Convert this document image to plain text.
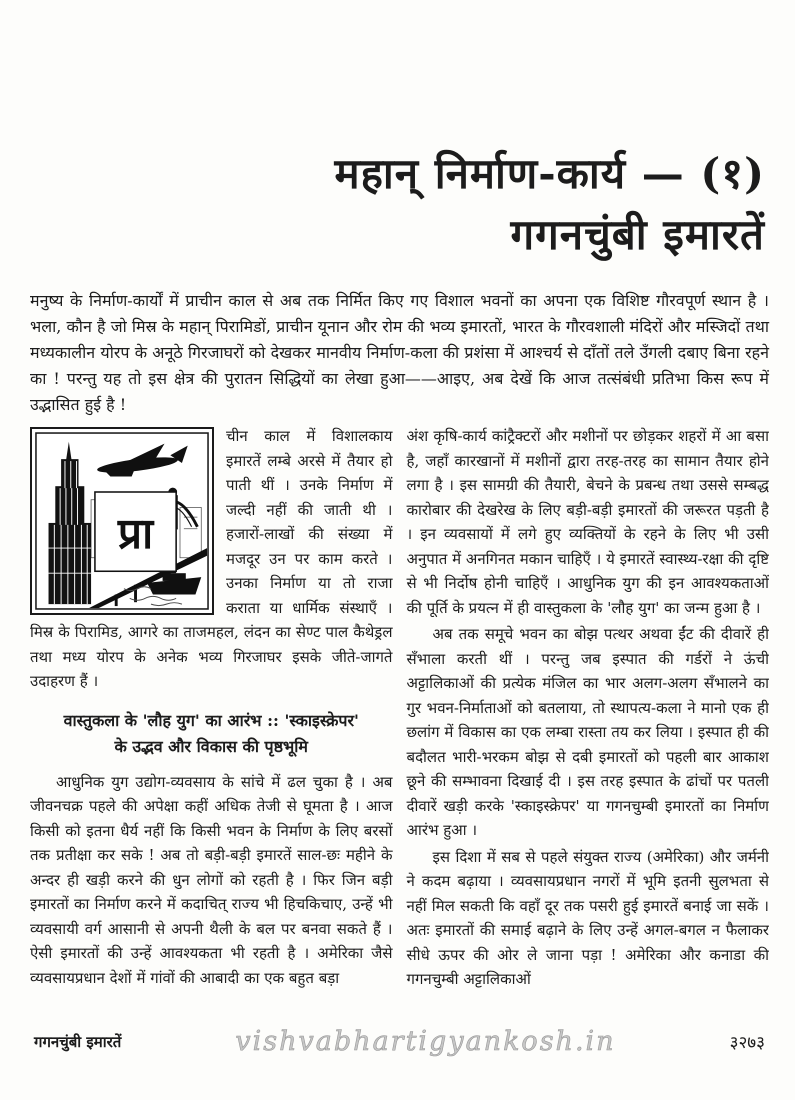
महान् निर्माण-कार्य — (१)
गगनचुंबी इमारतें

मनुष्य के निर्माण-कार्यों में प्राचीन काल से अब तक निर्मित किए गए विशाल भवनों का अपना एक विशिष्ट गौरवपूर्ण स्थान है । भला, कौन है जो मिस्र के महान् पिरामिडों, प्राचीन यूनान और रोम की भव्य इमारतों, भारत के गौरवशाली मंदिरों और मस्जिदों तथा मध्यकालीन योरप के अनूठे गिरजाघरों को देखकर मानवीय निर्माण-कला की प्रशंसा में आश्चर्य से दाँतों तले उँगली दबाए बिना रहने का ! परन्तु यह तो इस क्षेत्र की पुरातन सिद्धियों का लेखा हुआ——आइए, अब देखें कि आज तत्संबंधी प्रतिभा किस रूप में उद्भासित हुई है !

प्रा

चीन काल में विशालकाय इमारतें लम्बे अरसे में तैयार हो पाती थीं । उनके निर्माण में जल्दी नहीं की जाती थी । हजारों-लाखों की संख्या में मजदूर उन पर काम करते । उनका निर्माण या तो राजा कराता या धार्मिक संस्थाएँ । मिस्र के पिरामिड, आगरे का ताजमहल, लंदन का सेण्ट पाल कैथेड्रल तथा मध्य योरप के अनेक भव्य गिरजाघर इसके जीते-जागते उदाहरण हैं ।

वास्तुकला के 'लौह युग' का आरंभ :: 'स्काइस्क्रेपर'
के उद्भव और विकास की पृष्ठभूमि

आधुनिक युग उद्योग-व्यवसाय के सांचे में ढल चुका है । अब जीवनचक्र पहले की अपेक्षा कहीं अधिक तेजी से घूमता है । आज किसी को इतना धैर्य नहीं कि किसी भवन के निर्माण के लिए बरसों तक प्रतीक्षा कर सके ! अब तो बड़ी-बड़ी इमारतें साल-छः महीने के अन्दर ही खड़ी करने की धुन लोगों को रहती है । फिर जिन बड़ी इमारतों का निर्माण करने में कदाचित् राज्य भी हिचकिचाए, उन्हें भी व्यवसायी वर्ग आसानी से अपनी थैली के बल पर बनवा सकते हैं । ऐसी इमारतों की उन्हें आवश्यकता भी रहती है । अमेरिका जैसे व्यवसायप्रधान देशों में गांवों की आबादी का एक बहुत बड़ा

अंश कृषि-कार्य कांट्रैक्टरों और मशीनों पर छोड़कर शहरों में आ बसा है, जहाँ कारखानों में मशीनों द्वारा तरह-तरह का सामान तैयार होने लगा है । इस सामग्री की तैयारी, बेचने के प्रबन्ध तथा उससे सम्बद्ध कारोबार की देखरेख के लिए बड़ी-बड़ी इमारतों की जरूरत पड़ती है । इन व्यवसायों में लगे हुए व्यक्तियों के रहने के लिए भी उसी अनुपात में अनगिनत मकान चाहिएँ । ये इमारतें स्वास्थ्य-रक्षा की दृष्टि से भी निर्दोष होनी चाहिएँ । आधुनिक युग की इन आवश्यकताओं की पूर्ति के प्रयत्न में ही वास्तुकला के 'लौह युग' का जन्म हुआ है ।

अब तक समूचे भवन का बोझ पत्थर अथवा ईंट की दीवारें ही सँभाला करती थीं । परन्तु जब इस्पात की गर्डरों ने ऊंची अट्टालिकाओं की प्रत्येक मंजिल का भार अलग-अलग सँभालने का गुर भवन-निर्माताओं को बतलाया, तो स्थापत्य-कला ने मानो एक ही छलांग में विकास का एक लम्बा रास्ता तय कर लिया । इस्पात ही की बदौलत भारी-भरकम बोझ से दबी इमारतों को पहली बार आकाश छूने की सम्भावना दिखाई दी । इस तरह इस्पात के ढांचों पर पतली दीवारें खड़ी करके 'स्काइस्क्रेपर' या गगनचुम्बी इमारतों का निर्माण आरंभ हुआ ।

इस दिशा में सब से पहले संयुक्त राज्य (अमेरिका) और जर्मनी ने कदम बढ़ाया । व्यवसायप्रधान नगरों में भूमि इतनी सुलभता से नहीं मिल सकती कि वहाँ दूर तक पसरी हुई इमारतें बनाई जा सकें । अतः इमारतों की समाई बढ़ाने के लिए उन्हें अगल-बगल न फैलाकर सीधे ऊपर की ओर ले जाना पड़ा ! अमेरिका और कनाडा की गगनचुम्बी अट्टालिकाओं

गगनचुंबी इमारतें	vishvabhartigyankosh.in	३२७३
